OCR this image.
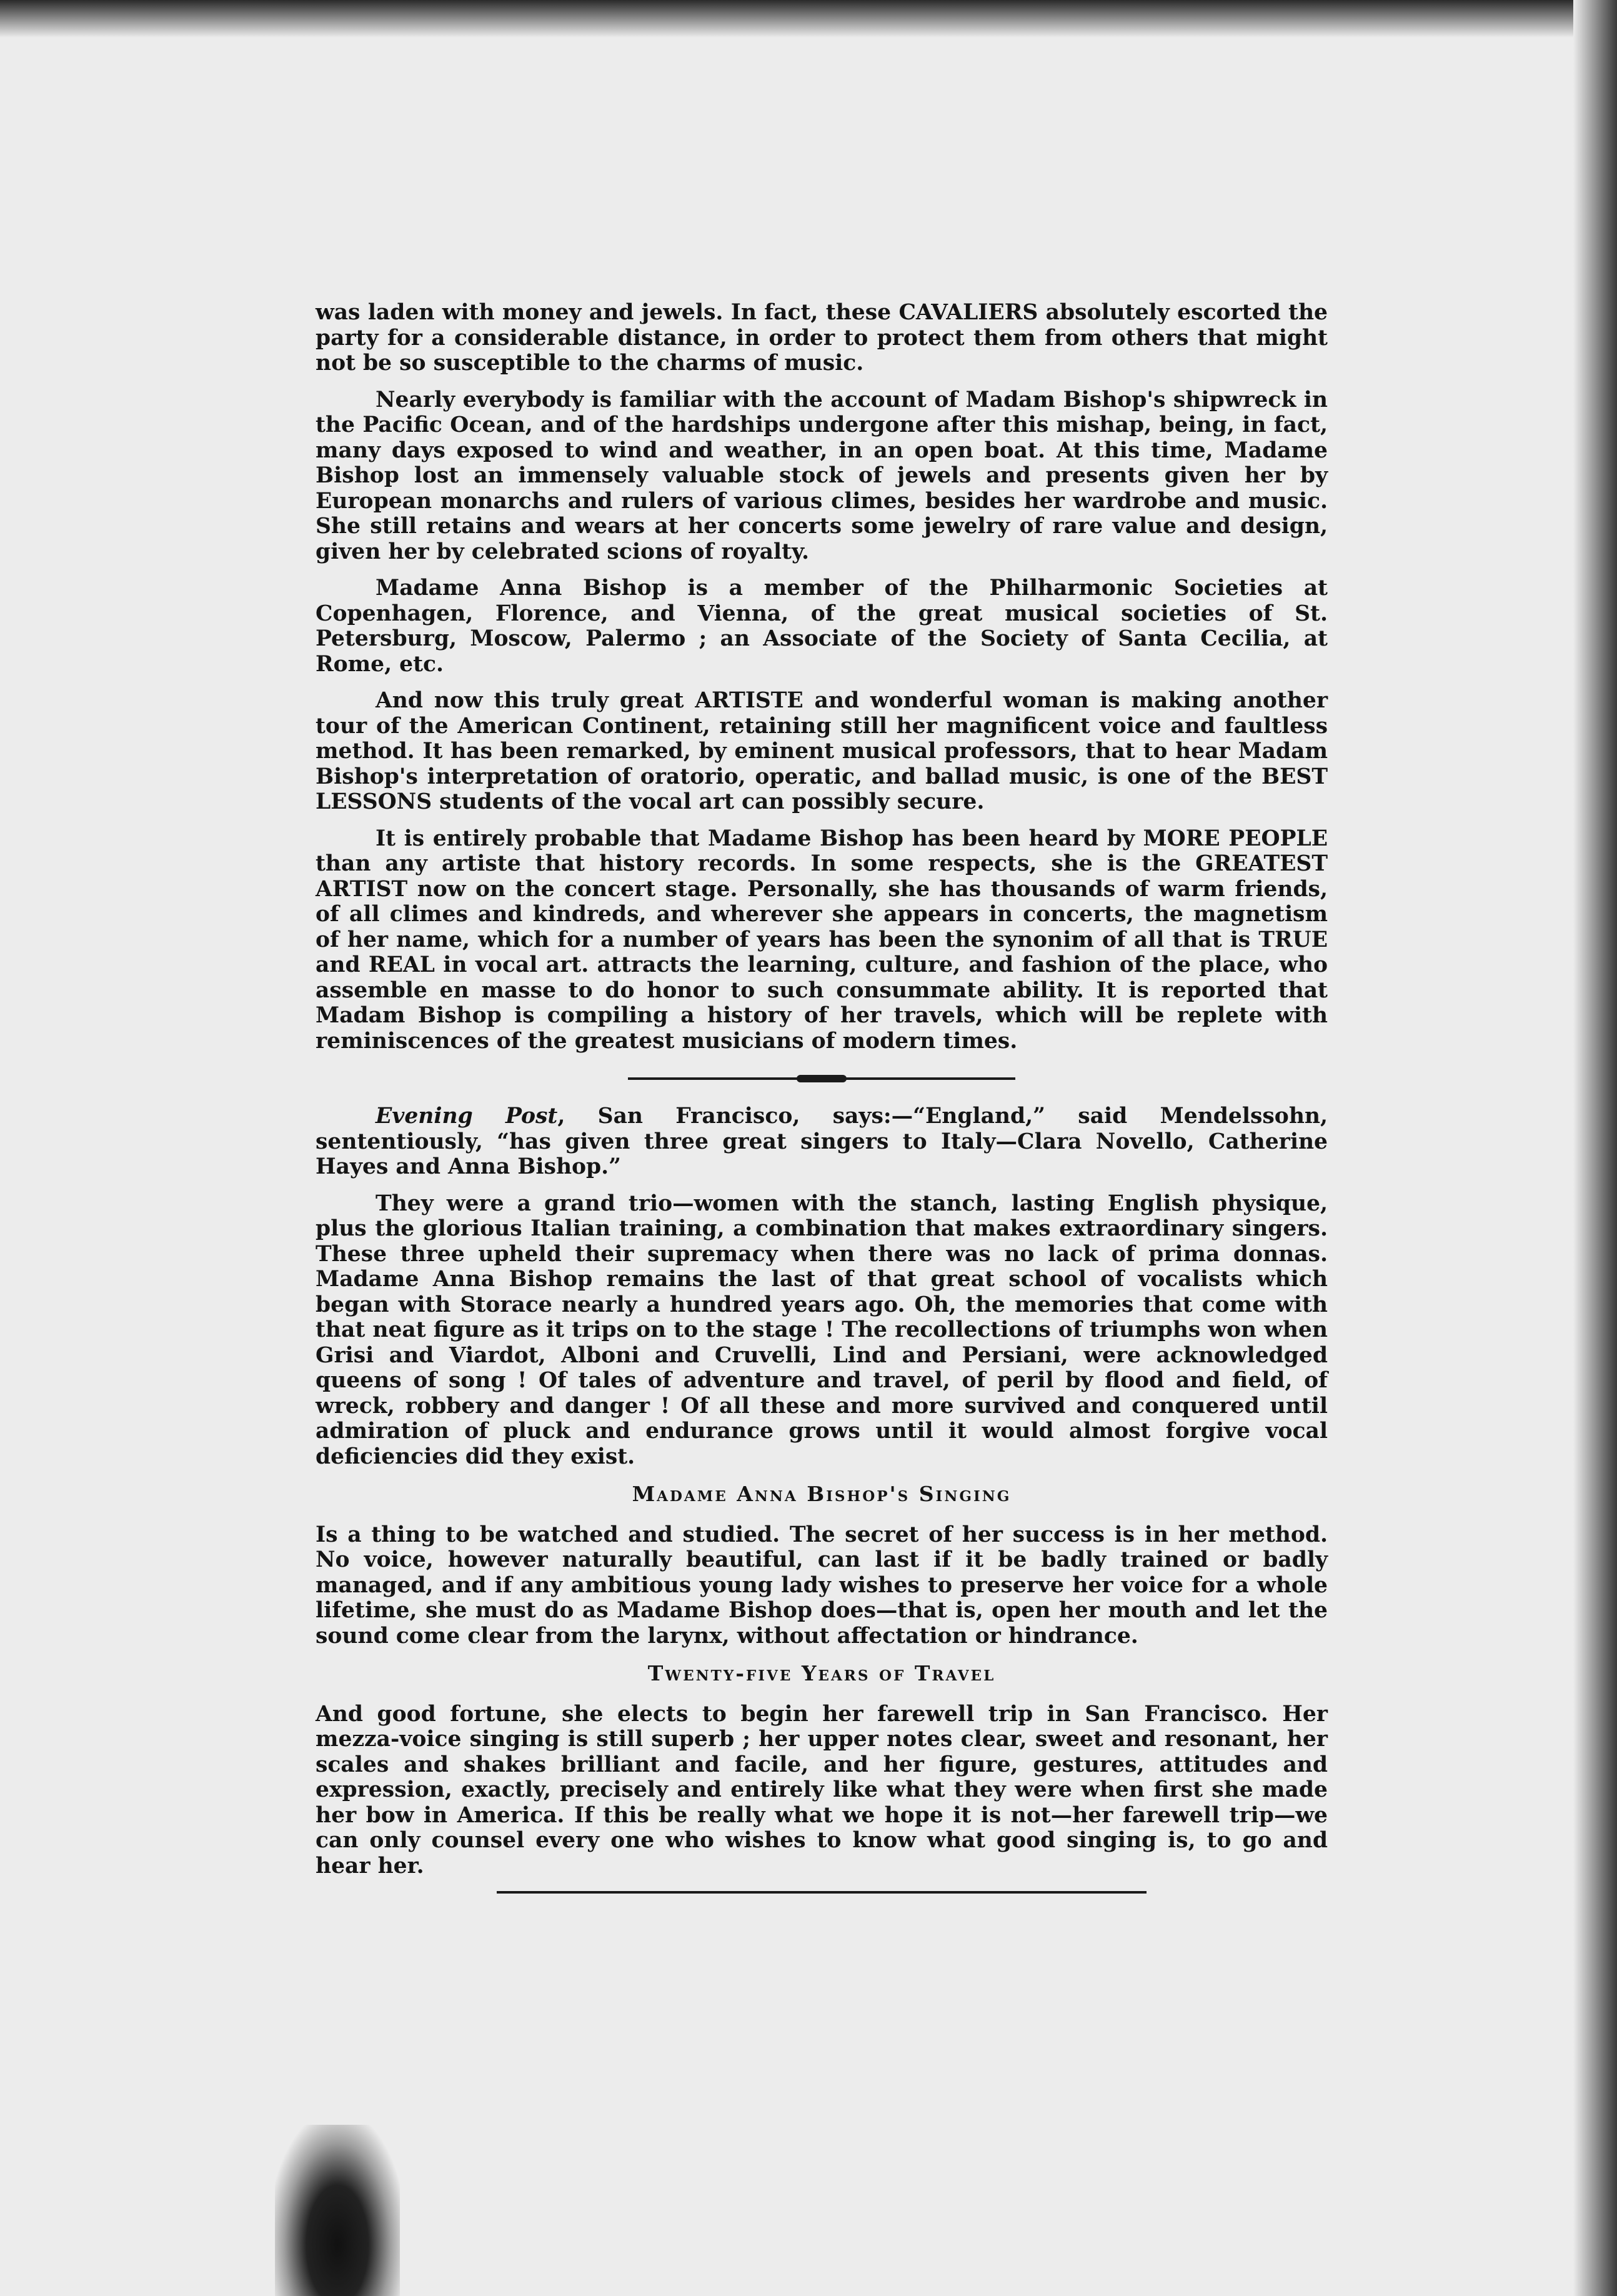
was laden with money and jewels. In fact, these CAVALIERS absolutely escorted the party for a considerable distance, in order to protect them from others that might not be so susceptible to the charms of music.

Nearly everybody is familiar with the account of Madam Bishop's shipwreck in the Pacific Ocean, and of the hardships undergone after this mishap, being, in fact, many days exposed to wind and weather, in an open boat. At this time, Madame Bishop lost an immensely valuable stock of jewels and presents given her by European monarchs and rulers of various climes, besides her wardrobe and music. She still retains and wears at her concerts some jewelry of rare value and design, given her by celebrated scions of royalty.

Madame Anna Bishop is a member of the Philharmonic Societies at Copenhagen, Florence, and Vienna, of the great musical societies of St. Petersburg, Moscow, Palermo ; an Associate of the Society of Santa Cecilia, at Rome, etc.

And now this truly great ARTISTE and wonderful woman is making another tour of the American Continent, retaining still her magnificent voice and faultless method. It has been remarked, by eminent musical professors, that to hear Madam Bishop's interpretation of oratorio, operatic, and ballad music, is one of the BEST LESSONS students of the vocal art can possibly secure.

It is entirely probable that Madame Bishop has been heard by MORE PEOPLE than any artiste that history records. In some respects, she is the GREATEST ARTIST now on the concert stage. Personally, she has thousands of warm friends, of all climes and kindreds, and wherever she appears in concerts, the magnetism of her name, which for a number of years has been the synonim of all that is TRUE and REAL in vocal art. attracts the learning, culture, and fashion of the place, who assemble en masse to do honor to such consummate ability. It is reported that Madam Bishop is compiling a history of her travels, which will be replete with reminiscences of the greatest musicians of modern times.

Evening Post, San Francisco, says:—“England,” said Mendelssohn, sententiously, “has given three great singers to Italy—Clara Novello, Catherine Hayes and Anna Bishop.”

They were a grand trio—women with the stanch, lasting English physique, plus the glorious Italian training, a combination that makes extraordinary singers. These three upheld their supremacy when there was no lack of prima donnas. Madame Anna Bishop remains the last of that great school of vocalists which began with Storace nearly a hundred years ago. Oh, the memories that come with that neat figure as it trips on to the stage ! The recollections of triumphs won when Grisi and Viardot, Alboni and Cruvelli, Lind and Persiani, were acknowledged queens of song ! Of tales of adventure and travel, of peril by flood and field, of wreck, robbery and danger ! Of all these and more survived and conquered until admiration of pluck and endurance grows until it would almost forgive vocal deficiencies did they exist.

Madame Anna Bishop's Singing

Is a thing to be watched and studied. The secret of her success is in her method. No voice, however naturally beautiful, can last if it be badly trained or badly managed, and if any ambitious young lady wishes to preserve her voice for a whole lifetime, she must do as Madame Bishop does—that is, open her mouth and let the sound come clear from the larynx, without affectation or hindrance.

Twenty-five Years of Travel

And good fortune, she elects to begin her farewell trip in San Francisco. Her mezza-voice singing is still superb ; her upper notes clear, sweet and resonant, her scales and shakes brilliant and facile, and her figure, gestures, attitudes and expression, exactly, precisely and entirely like what they were when first she made her bow in America. If this be really what we hope it is not—her farewell trip—we can only counsel every one who wishes to know what good singing is, to go and hear her.
